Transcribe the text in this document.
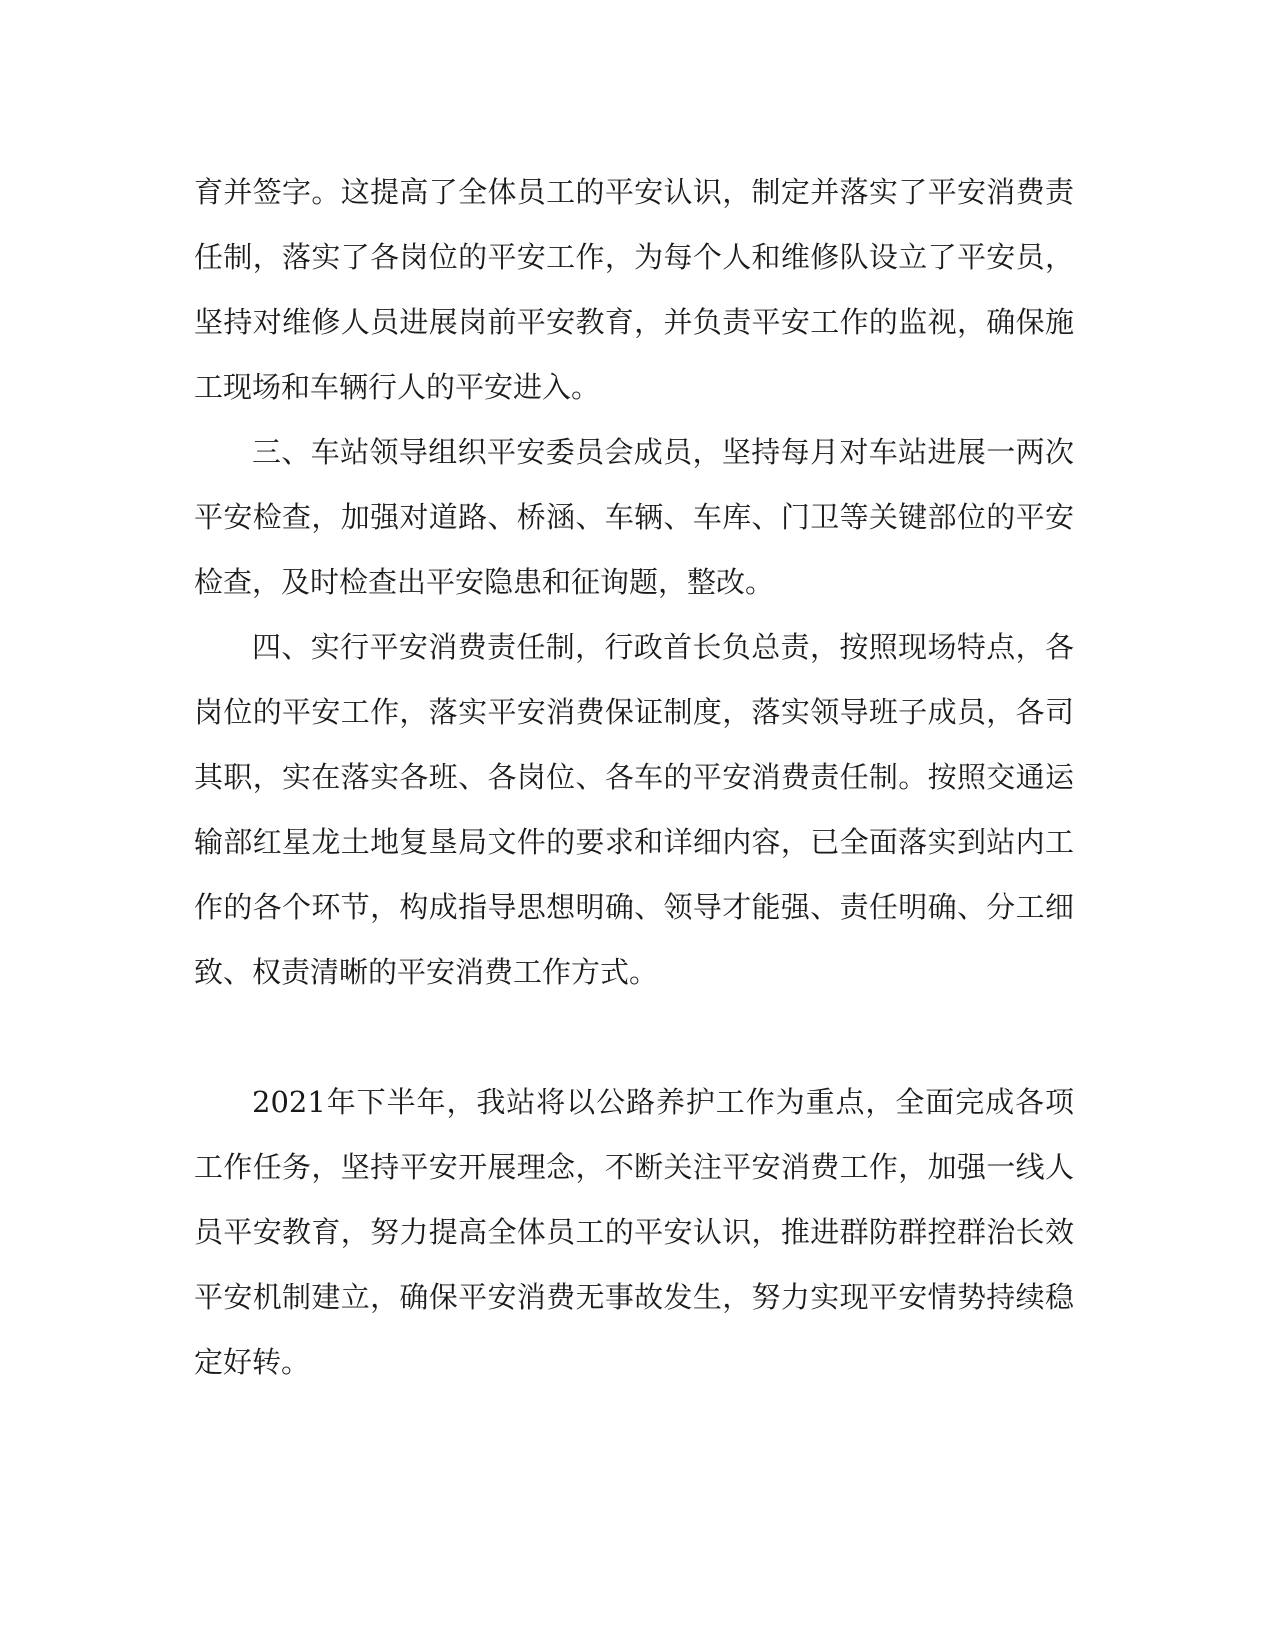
育并签字。这提高了全体员工的平安认识，制定并落实了平安消费责任制，落实了各岗位的平安工作，为每个人和维修队设立了平安员，坚持对维修人员进展岗前平安教育，并负责平安工作的监视，确保施工现场和车辆行人的平安进入。

三、车站领导组织平安委员会成员，坚持每月对车站进展一两次平安检查，加强对道路、桥涵、车辆、车库、门卫等关键部位的平安检查，及时检查出平安隐患和征询题，整改。

四、实行平安消费责任制，行政首长负总责，按照现场特点，各岗位的平安工作，落实平安消费保证制度，落实领导班子成员，各司其职，实在落实各班、各岗位、各车的平安消费责任制。按照交通运输部红星龙土地复垦局文件的要求和详细内容，已全面落实到站内工作的各个环节，构成指导思想明确、领导才能强、责任明确、分工细致、权责清晰的平安消费工作方式。

2021年下半年，我站将以公路养护工作为重点，全面完成各项工作任务，坚持平安开展理念，不断关注平安消费工作，加强一线人员平安教育，努力提高全体员工的平安认识，推进群防群控群治长效平安机制建立，确保平安消费无事故发生，努力实现平安情势持续稳定好转。
